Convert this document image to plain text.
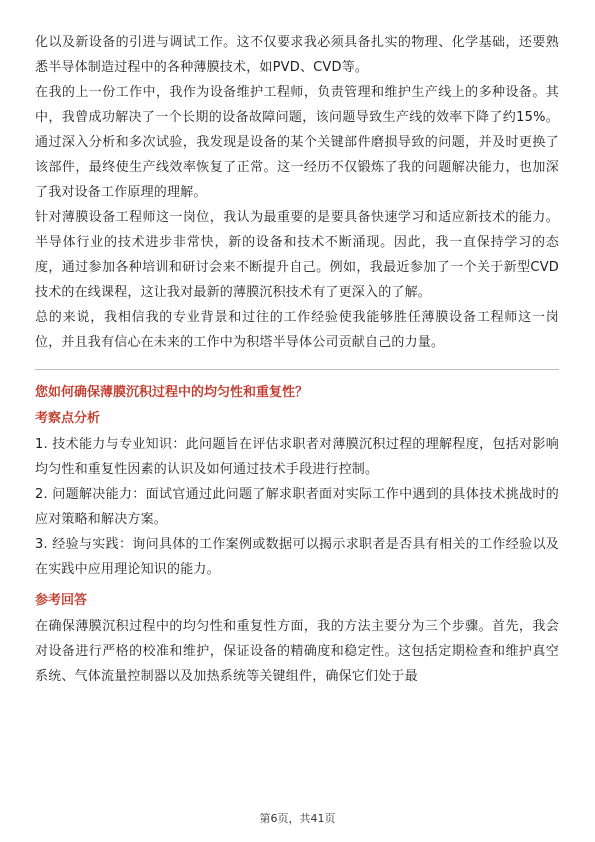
化以及新设备的引进与调试工作。这不仅要求我必须具备扎实的物理、化学基础，还要熟悉半导体制造过程中的各种薄膜技术，如PVD、CVD等。

在我的上一份工作中，我作为设备维护工程师，负责管理和维护生产线上的多种设备。其中，我曾成功解决了一个长期的设备故障问题，该问题导致生产线的效率下降了约15%。通过深入分析和多次试验，我发现是设备的某个关键部件磨损导致的问题，并及时更换了该部件，最终使生产线效率恢复了正常。这一经历不仅锻炼了我的问题解决能力，也加深了我对设备工作原理的理解。

针对薄膜设备工程师这一岗位，我认为最重要的是要具备快速学习和适应新技术的能力。半导体行业的技术进步非常快，新的设备和技术不断涌现。因此，我一直保持学习的态度，通过参加各种培训和研讨会来不断提升自己。例如，我最近参加了一个关于新型CVD技术的在线课程，这让我对最新的薄膜沉积技术有了更深入的了解。

总的来说，我相信我的专业背景和过往的工作经验使我能够胜任薄膜设备工程师这一岗位，并且我有信心在未来的工作中为积塔半导体公司贡献自己的力量。

您如何确保薄膜沉积过程中的均匀性和重复性？
考察点分析

1. 技术能力与专业知识：此问题旨在评估求职者对薄膜沉积过程的理解程度，包括对影响均匀性和重复性因素的认识及如何通过技术手段进行控制。

2. 问题解决能力：面试官通过此问题了解求职者面对实际工作中遇到的具体技术挑战时的应对策略和解决方案。

3. 经验与实践：询问具体的工作案例或数据可以揭示求职者是否具有相关的工作经验以及在实践中应用理论知识的能力。

参考回答

在确保薄膜沉积过程中的均匀性和重复性方面，我的方法主要分为三个步骤。首先，我会对设备进行严格的校准和维护，保证设备的精确度和稳定性。这包括定期检查和维护真空系统、气体流量控制器以及加热系统等关键组件，确保它们处于最

第6页，共41页
